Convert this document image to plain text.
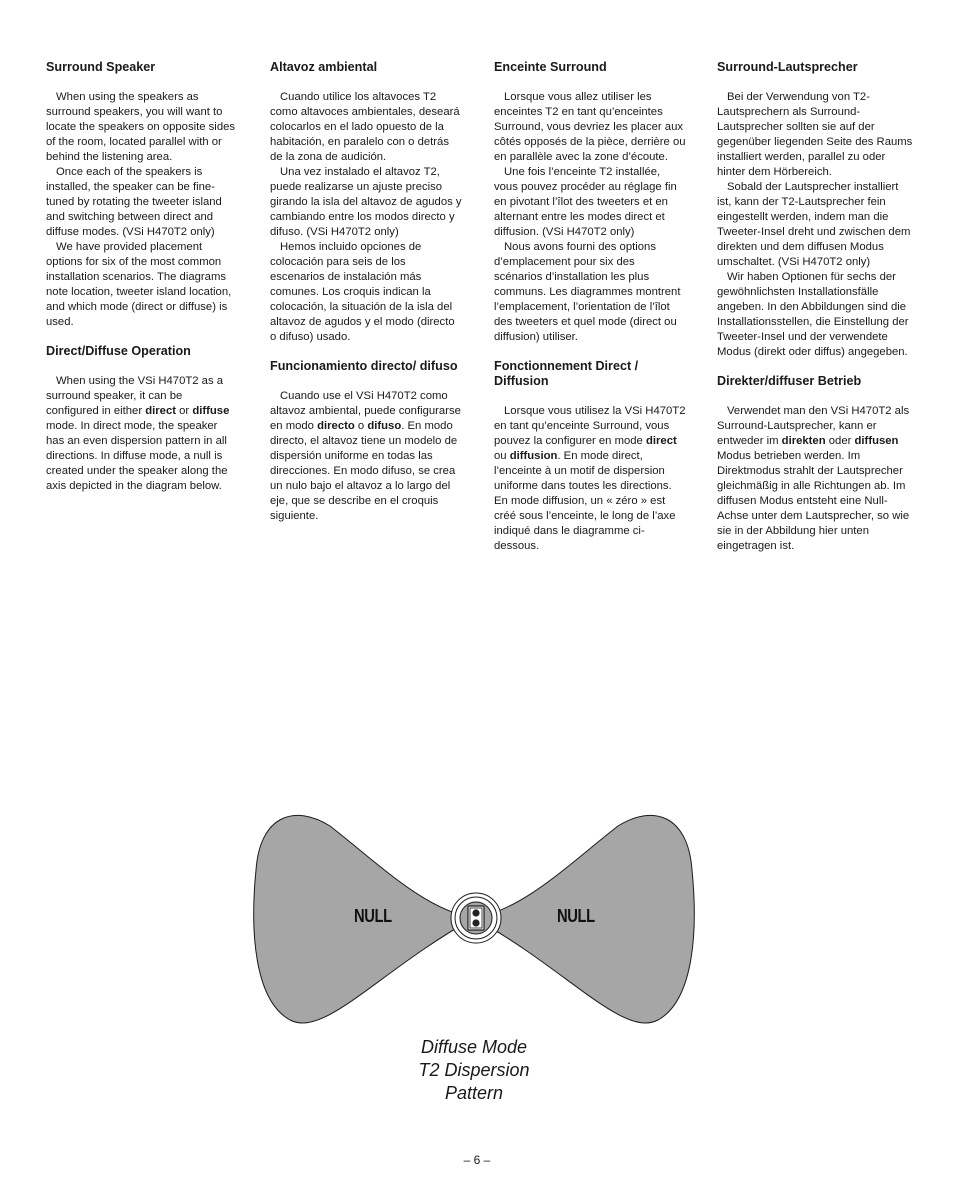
Surround Speaker

When using the speakers as surround speakers, you will want to locate the speakers on opposite sides of the room, located parallel with or behind the listening area.

Once each of the speakers is installed, the speaker can be fine-tuned by rotating the tweeter island and switching between direct and diffuse modes. (VSi H470T2 only)

We have provided placement options for six of the most common installation scenarios. The diagrams note location, tweeter island location, and which mode (direct or diffuse) is used.

Direct/Diffuse Operation

When using the VSi H470T2 as a surround speaker, it can be configured in either direct or diffuse mode. In direct mode, the speaker has an even dispersion pattern in all directions. In diffuse mode, a null is created under the speaker along the axis depicted in the diagram below.

Altavoz ambiental

Cuando utilice los altavoces T2 como altavoces ambientales, deseará colocarlos en el lado opuesto de la habitación, en paralelo con o detrás de la zona de audición.

Una vez instalado el altavoz T2, puede realizarse un ajuste preciso girando la isla del altavoz de agudos y cambiando entre los modos directo y difuso. (VSi H470T2 only)

Hemos incluido opciones de colocación para seis de los escenarios de instalación más comunes. Los croquis indican la colocación, la situación de la isla del altavoz de agudos y el modo (directo o difuso) usado.

Funcionamiento directo/ difuso

Cuando use el VSi H470T2 como altavoz ambiental, puede configurarse en modo directo o difuso. En modo directo, el altavoz tiene un modelo de dispersión uniforme en todas las direcciones. En modo difuso, se crea un nulo bajo el altavoz a lo largo del eje, que se describe en el croquis siguiente.

Enceinte Surround

Lorsque vous allez utiliser les enceintes T2 en tant qu’enceintes Surround, vous devriez les placer aux côtés opposés de la pièce, derrière ou en parallèle avec la zone d’écoute.

Une fois l’enceinte T2 installée, vous pouvez procéder au réglage fin en pivotant l’îlot des tweeters et en alternant entre les modes direct et diffusion. (VSi H470T2 only)

Nous avons fourni des options d’emplacement pour six des scénarios d’installation les plus communs. Les diagrammes montrent l’emplacement, l’orientation de l’îlot des tweeters et quel mode (direct ou diffusion) utiliser.

Fonctionnement Direct / Diffusion

Lorsque vous utilisez la VSi H470T2 en tant qu’enceinte Surround, vous pouvez la configurer en mode direct ou diffusion. En mode direct, l’enceinte à un motif de dispersion uniforme dans toutes les directions. En mode diffusion, un « zéro » est créé sous l’enceinte, le long de l’axe indiqué dans le diagramme ci-dessous.

Surround-Lautsprecher

Bei der Verwendung von T2-Lautsprechern als Surround-Lautsprecher sollten sie auf der gegenüber liegenden Seite des Raums installiert werden, parallel zu oder hinter dem Hörbereich.

Sobald der Lautsprecher installiert ist, kann der T2-Lautsprecher fein eingestellt werden, indem man die Tweeter-Insel dreht und zwischen dem direkten und dem diffusen Modus umschaltet. (VSi H470T2 only)

Wir haben Optionen für sechs der gewöhnlichsten Installationsfälle angeben. In den Abbildungen sind die Installationsstellen, die Einstellung der Tweeter-Insel und der verwendete Modus (direkt oder diffus) angegeben.

Direkter/diffuser Betrieb

Verwendet man den VSi H470T2 als Surround-Lautsprecher, kann er entweder im direkten oder diffusen Modus betrieben werden. Im Direktmodus strahlt der Lautsprecher gleichmäßig in alle Richtungen ab. Im diffusen Modus entsteht eine Null-Achse unter dem Lautsprecher, so wie sie in der Abbildung hier unten eingetragen ist.

NULL	NULL
Diffuse Mode
T2 Dispersion
Pattern
– 6 –
